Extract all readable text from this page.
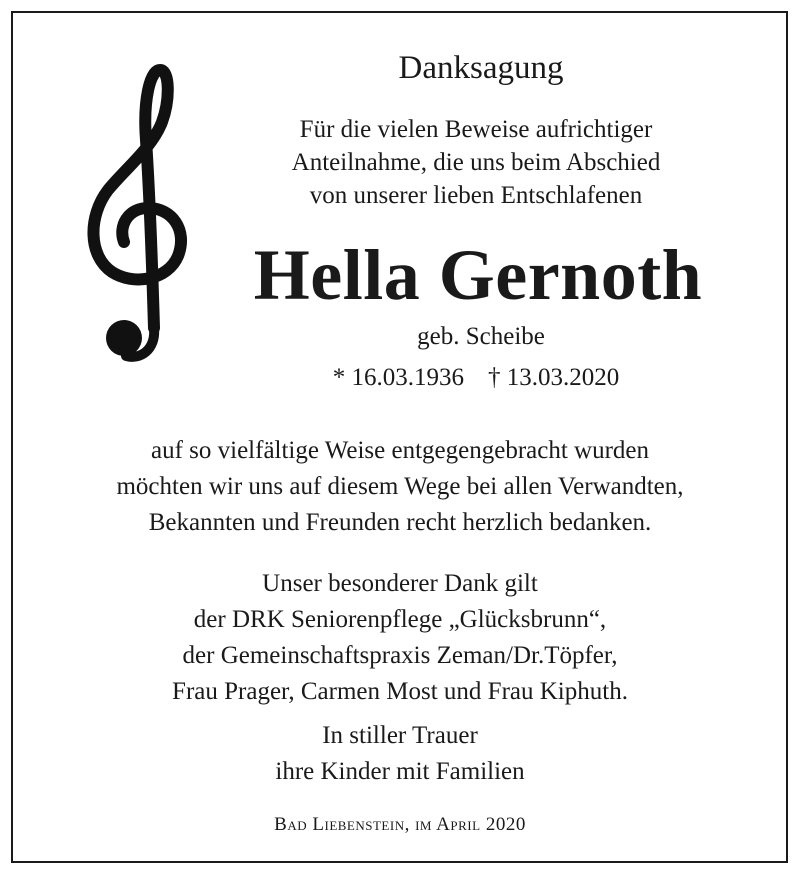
Danksagung
Für die vielen Beweise aufrichtiger
Anteilnahme, die uns beim Abschied
von unserer lieben Entschlafenen
Hella Gernoth
geb. Scheibe
* 16.03.1936 † 13.03.2020
auf so vielfältige Weise entgegengebracht wurden
möchten wir uns auf diesem Wege bei allen Verwandten,
Bekannten und Freunden recht herzlich bedanken.
Unser besonderer Dank gilt
der DRK Seniorenpflege „Glücksbrunn“,
der Gemeinschaftspraxis Zeman/Dr.Töpfer,
Frau Prager, Carmen Most und Frau Kiphuth.
In stiller Trauer
ihre Kinder mit Familien
Bad Liebenstein, im April 2020
